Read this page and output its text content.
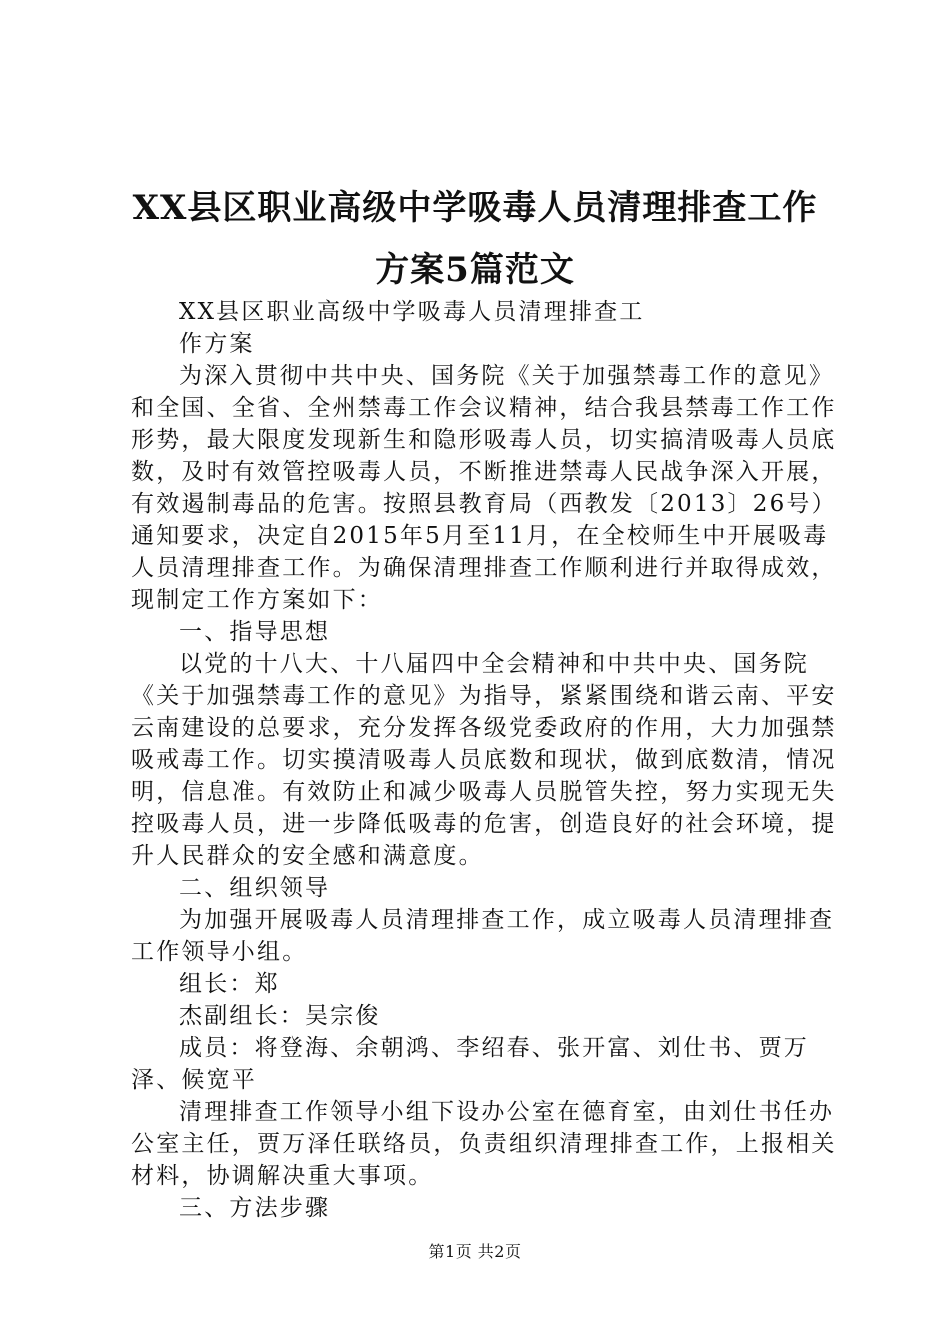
XX县区职业高级中学吸毒人员清理排查工作
方案5篇范文

XX县区职业高级中学吸毒人员清理排查工

作方案

为深入贯彻中共中央、国务院《关于加强禁毒工作的意见》和全国、全省、全州禁毒工作会议精神，结合我县禁毒工作工作形势，最大限度发现新生和隐形吸毒人员，切实搞清吸毒人员底数，及时有效管控吸毒人员，不断推进禁毒人民战争深入开展，有效遏制毒品的危害。按照县教育局（西教发〔2013〕26号）通知要求，决定自2015年5月至11月，在全校师生中开展吸毒人员清理排查工作。为确保清理排查工作顺利进行并取得成效，现制定工作方案如下：

一、指导思想

以党的十八大、十八届四中全会精神和中共中央、国务院《关于加强禁毒工作的意见》为指导，紧紧围绕和谐云南、平安云南建设的总要求，充分发挥各级党委政府的作用，大力加强禁吸戒毒工作。切实摸清吸毒人员底数和现状，做到底数清，情况明，信息准。有效防止和减少吸毒人员脱管失控，努力实现无失控吸毒人员，进一步降低吸毒的危害，创造良好的社会环境，提升人民群众的安全感和满意度。

二、组织领导

为加强开展吸毒人员清理排查工作，成立吸毒人员清理排查工作领导小组。

组长：郑

杰副组长：吴宗俊

成员：将登海、余朝鸿、李绍春、张开富、刘仕书、贾万泽、候宽平

清理排查工作领导小组下设办公室在德育室，由刘仕书任办公室主任，贾万泽任联络员，负责组织清理排查工作，上报相关材料，协调解决重大事项。

三、方法步骤

第1页 共2页
